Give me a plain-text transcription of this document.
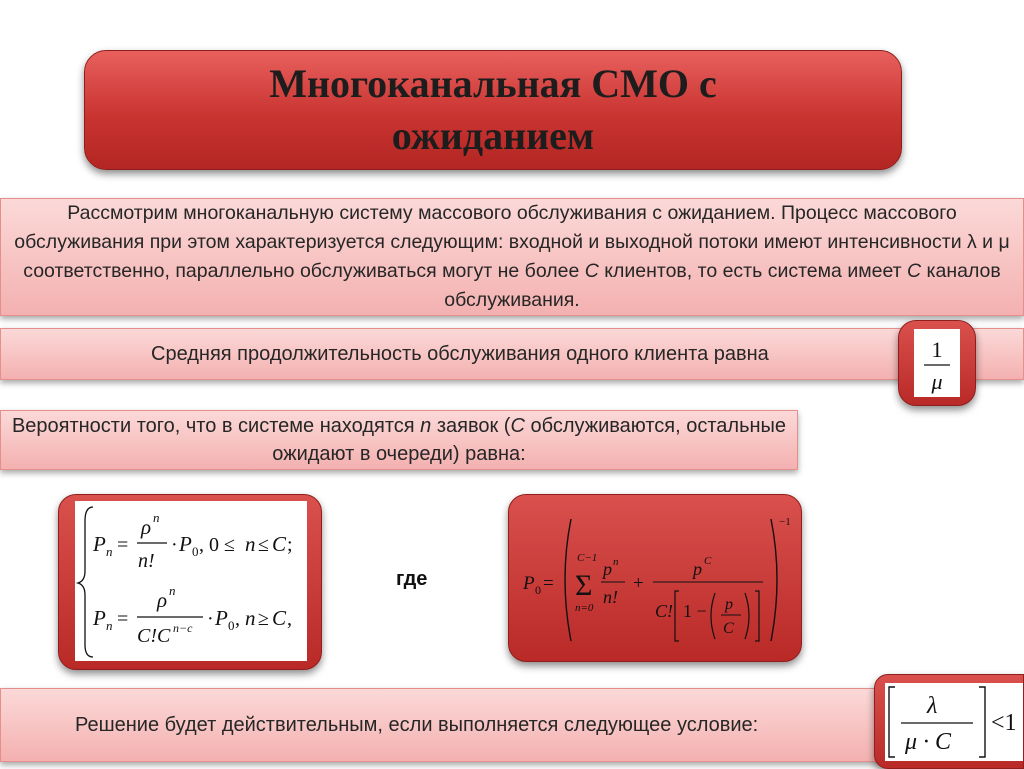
Многоканальная СМО с ожиданием

Рассмотрим многоканальную систему массового обслуживания с ожиданием. Процесс массового обслуживания при этом характеризуется следующим: входной и выходной потоки имеют интенсивности λ и μ соответственно, параллельно обслуживаться могут не более C клиентов, то есть система имеет C каналов обслуживания.

Средняя продолжительность обслуживания одного клиента равна	1
μ

Вероятности того, что в системе находятся n заявок (C обслуживаются, остальные ожидают в очереди) равна:

P n =
ρ n
n!
· P 0 , 0 ≤ n ≤ C ;
P n =
ρ n
C!C n−c · P 0 , n ≥ C ,
где	P 0 =
C−1
Σ
n=0
p n
n!
+
p C
C! 1 − p
C
−1
Решение будет действительным, если выполняется следующее условие:
λ
μ · C
<1
